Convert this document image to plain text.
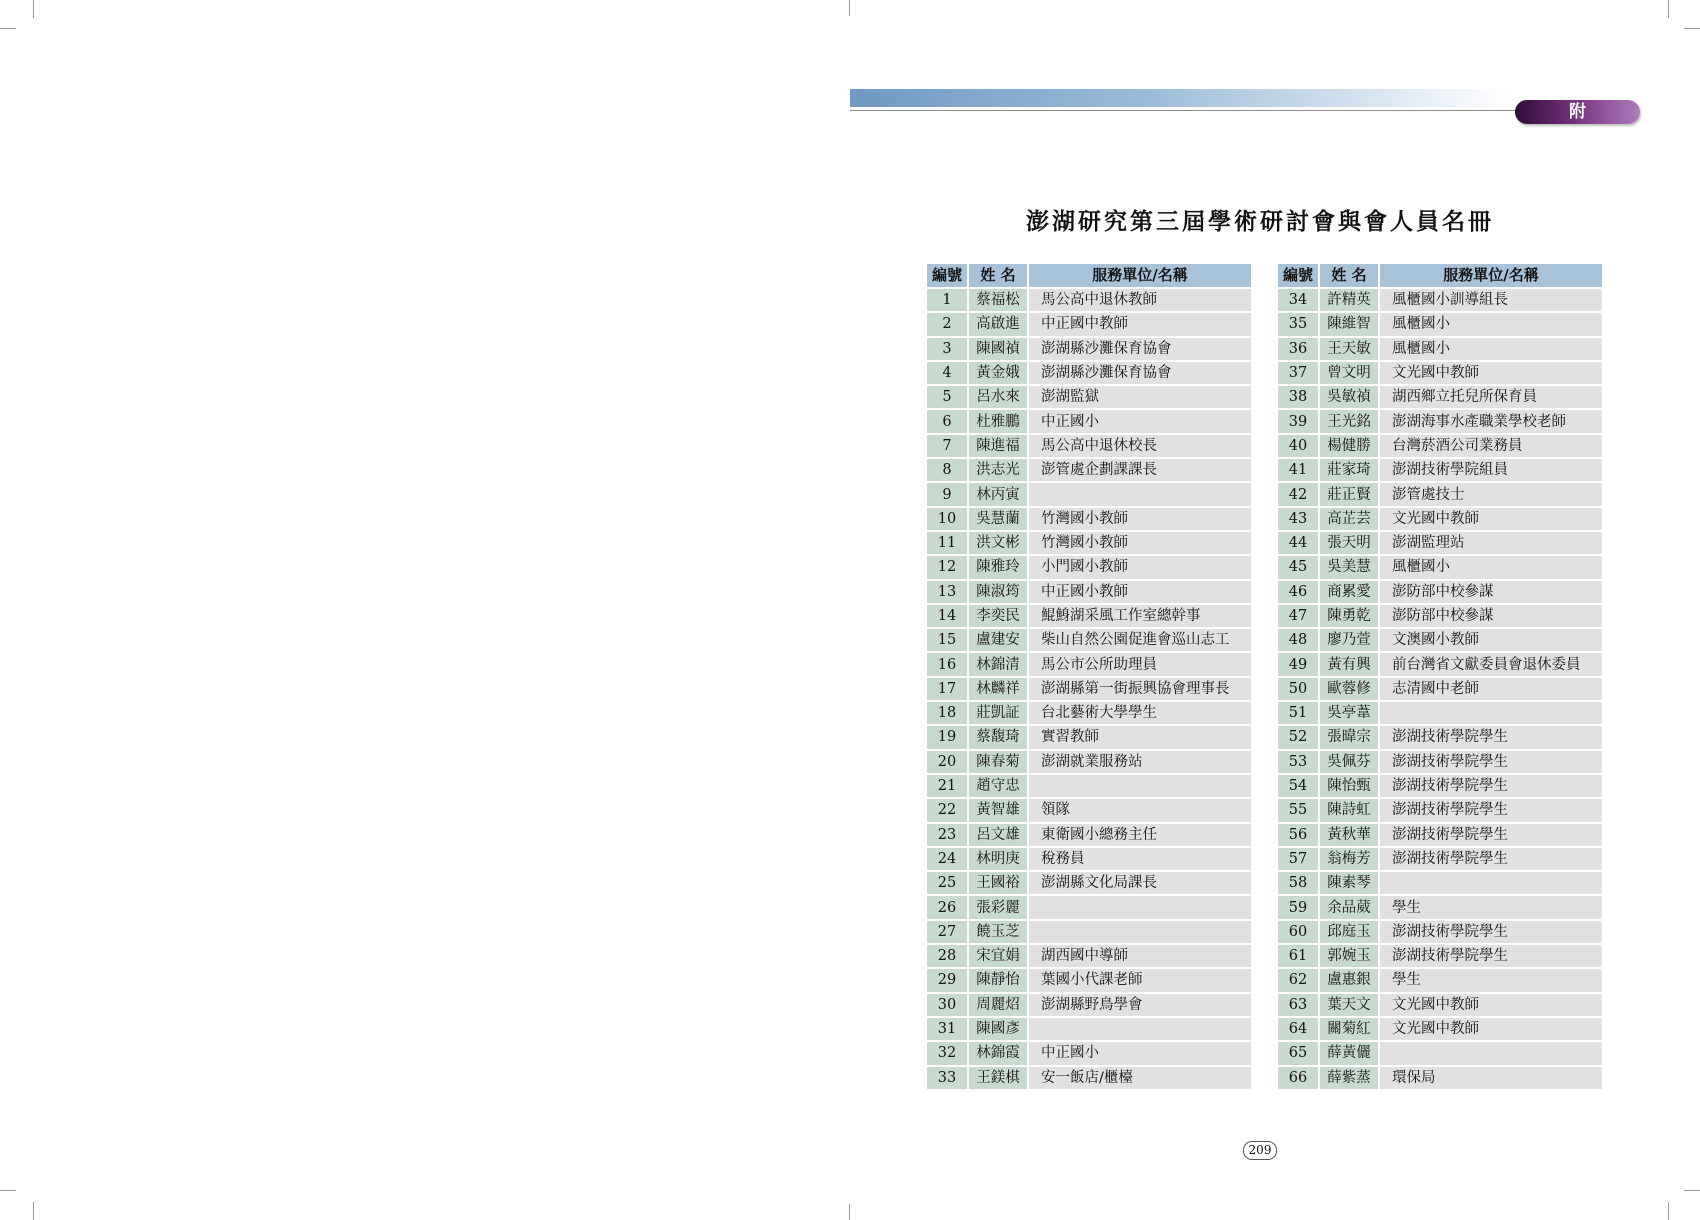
附 錄
澎湖研究第三屆學術研討會與會人員名冊
編號	姓 名	服務單位/名稱
1	蔡福松	馬公高中退休教師
2	高啟進	中正國中教師
3	陳國禎	澎湖縣沙灘保育協會
4	黃金娥	澎湖縣沙灘保育協會
5	呂水來	澎湖監獄
6	杜雅鵬	中正國小
7	陳進福	馬公高中退休校長
8	洪志光	澎管處企劃課課長
9	林丙寅	
10	吳慧蘭	竹灣國小教師
11	洪文彬	竹灣國小教師
12	陳雅玲	小門國小教師
13	陳淑筠	中正國小教師
14	李奕民	鯤鯓湖采風工作室總幹事
15	盧建安	柴山自然公園促進會巡山志工
16	林錦清	馬公市公所助理員
17	林麟祥	澎湖縣第一街振興協會理事長
18	莊凱証	台北藝術大學學生
19	蔡馥琦	實習教師
20	陳春菊	澎湖就業服務站
21	趙守忠	
22	黃智雄	領隊
23	呂文雄	東衛國小總務主任
24	林明庚	稅務員
25	王國裕	澎湖縣文化局課長
26	張彩麗	
27	饒玉芝	
28	宋宜娟	湖西國中導師
29	陳靜怡	葉國小代課老師
30	周麗炤	澎湖縣野鳥學會
31	陳國彥	
32	林錦霞	中正國小
33	王鎂棋	安一飯店/櫃檯
編號	姓 名	服務單位/名稱
34	許精英	風櫃國小訓導組長
35	陳維智	風櫃國小
36	王天敏	風櫃國小
37	曾文明	文光國中教師
38	吳敏禎	湖西鄉立托兒所保育員
39	王光銘	澎湖海事水產職業學校老師
40	楊健勝	台灣菸酒公司業務員
41	莊家琦	澎湖技術學院組員
42	莊正賢	澎管處技士
43	高芷芸	文光國中教師
44	張天明	澎湖監理站
45	吳美慧	風櫃國小
46	商累愛	澎防部中校參謀
47	陳勇乾	澎防部中校參謀
48	廖乃萱	文澳國小教師
49	黃有興	前台灣省文獻委員會退休委員
50	歐蓉修	志清國中老師
51	吳亭葦	
52	張暐宗	澎湖技術學院學生
53	吳佩芬	澎湖技術學院學生
54	陳怡甄	澎湖技術學院學生
55	陳詩虹	澎湖技術學院學生
56	黃秋華	澎湖技術學院學生
57	翁梅芳	澎湖技術學院學生
58	陳素琴	
59	余品葳	學生
60	邱庭玉	澎湖技術學院學生
61	郭婉玉	澎湖技術學院學生
62	盧惠銀	學生
63	葉天文	文光國中教師
64	關菊紅	文光國中教師
65	薛黃儷	
66	薛紫蒸	環保局
209
